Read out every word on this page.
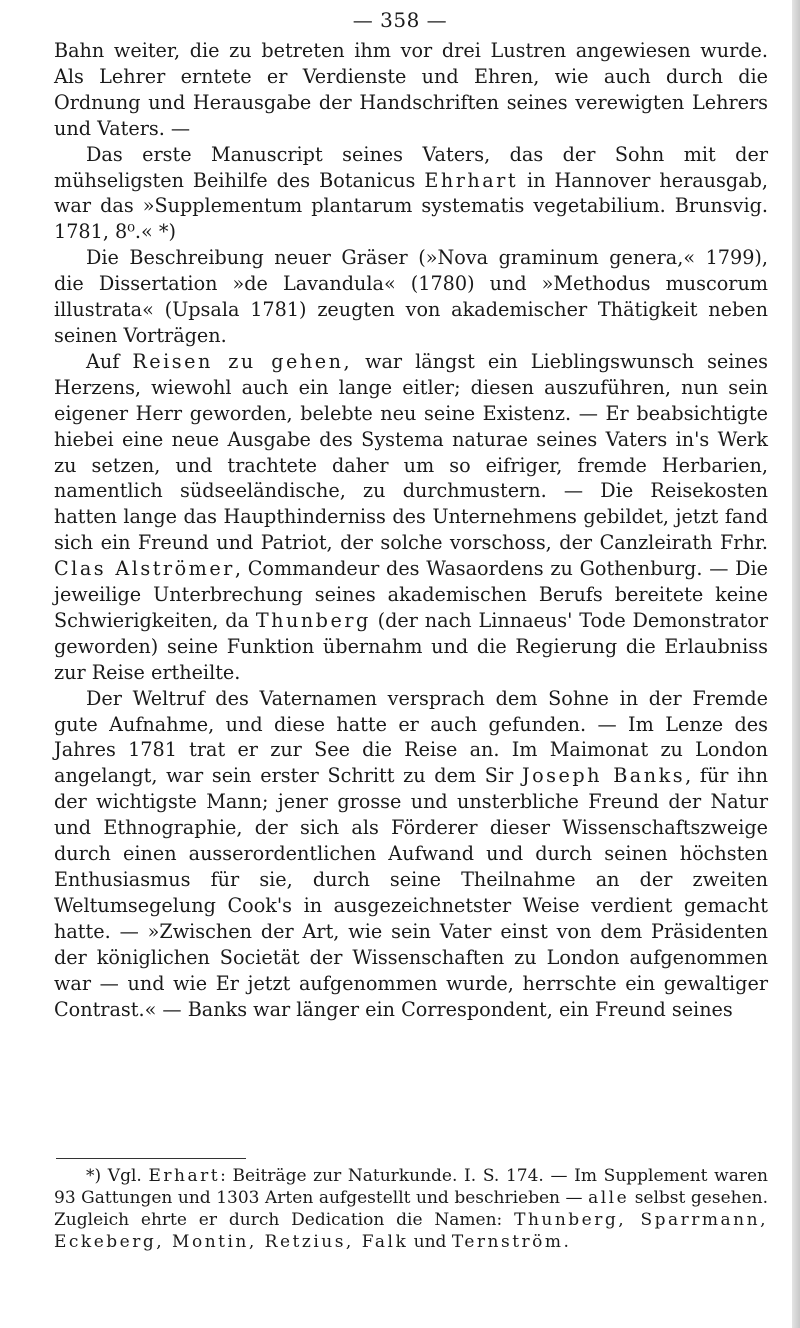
— 358 —

Bahn weiter, die zu betreten ihm vor drei Lustren angewiesen wurde. Als Lehrer erntete er Verdienste und Ehren, wie auch durch die Ordnung und Herausgabe der Handschriften seines verewigten Lehrers und Vaters. —

Das erste Manuscript seines Vaters, das der Sohn mit der mühseligsten Beihilfe des Botanicus Ehrhart in Hannover herausgab, war das »Supplementum plantarum systematis vegetabilium. Brunsvig. 1781, 8⁰.« *)

Die Beschreibung neuer Gräser (»Nova graminum genera,« 1799), die Dissertation »de Lavandula« (1780) und »Methodus muscorum illustrata« (Upsala 1781) zeugten von akademischer Thätigkeit neben seinen Vorträgen.

Auf Reisen zu gehen, war längst ein Lieblingswunsch seines Herzens, wiewohl auch ein lange eitler; diesen auszuführen, nun sein eigener Herr geworden, belebte neu seine Existenz. — Er beabsichtigte hiebei eine neue Ausgabe des Systema naturae seines Vaters in's Werk zu setzen, und trachtete daher um so eifriger, fremde Herbarien, namentlich südseeländische, zu durchmustern. — Die Reisekosten hatten lange das Haupthinderniss des Unternehmens gebildet, jetzt fand sich ein Freund und Patriot, der solche vorschoss, der Canzleirath Frhr. Clas Alströmer, Commandeur des Wasaordens zu Gothenburg. — Die jeweilige Unterbrechung seines akademischen Berufs bereitete keine Schwierigkeiten, da Thunberg (der nach Linnaeus' Tode Demonstrator geworden) seine Funktion übernahm und die Regierung die Erlaubniss zur Reise ertheilte.

Der Weltruf des Vaternamen versprach dem Sohne in der Fremde gute Aufnahme, und diese hatte er auch gefunden. — Im Lenze des Jahres 1781 trat er zur See die Reise an. Im Maimonat zu London angelangt, war sein erster Schritt zu dem Sir Joseph Banks, für ihn der wichtigste Mann; jener grosse und unsterbliche Freund der Natur und Ethnographie, der sich als Förderer dieser Wissenschaftszweige durch einen ausserordentlichen Aufwand und durch seinen höchsten Enthusiasmus für sie, durch seine Theilnahme an der zweiten Weltumsegelung Cook's in ausgezeichnetster Weise verdient gemacht hatte. — »Zwischen der Art, wie sein Vater einst von dem Präsidenten der königlichen Societät der Wissenschaften zu London aufgenommen war — und wie Er jetzt aufgenommen wurde, herrschte ein gewaltiger Contrast.« — Banks war länger ein Correspondent, ein Freund seines

*) Vgl. Erhart: Beiträge zur Naturkunde. I. S. 174. — Im Supplement waren 93 Gattungen und 1303 Arten aufgestellt und beschrieben — alle selbst gesehen. Zugleich ehrte er durch Dedication die Namen: Thunberg, Sparrmann, Eckeberg, Montin, Retzius, Falk und Ternström.
